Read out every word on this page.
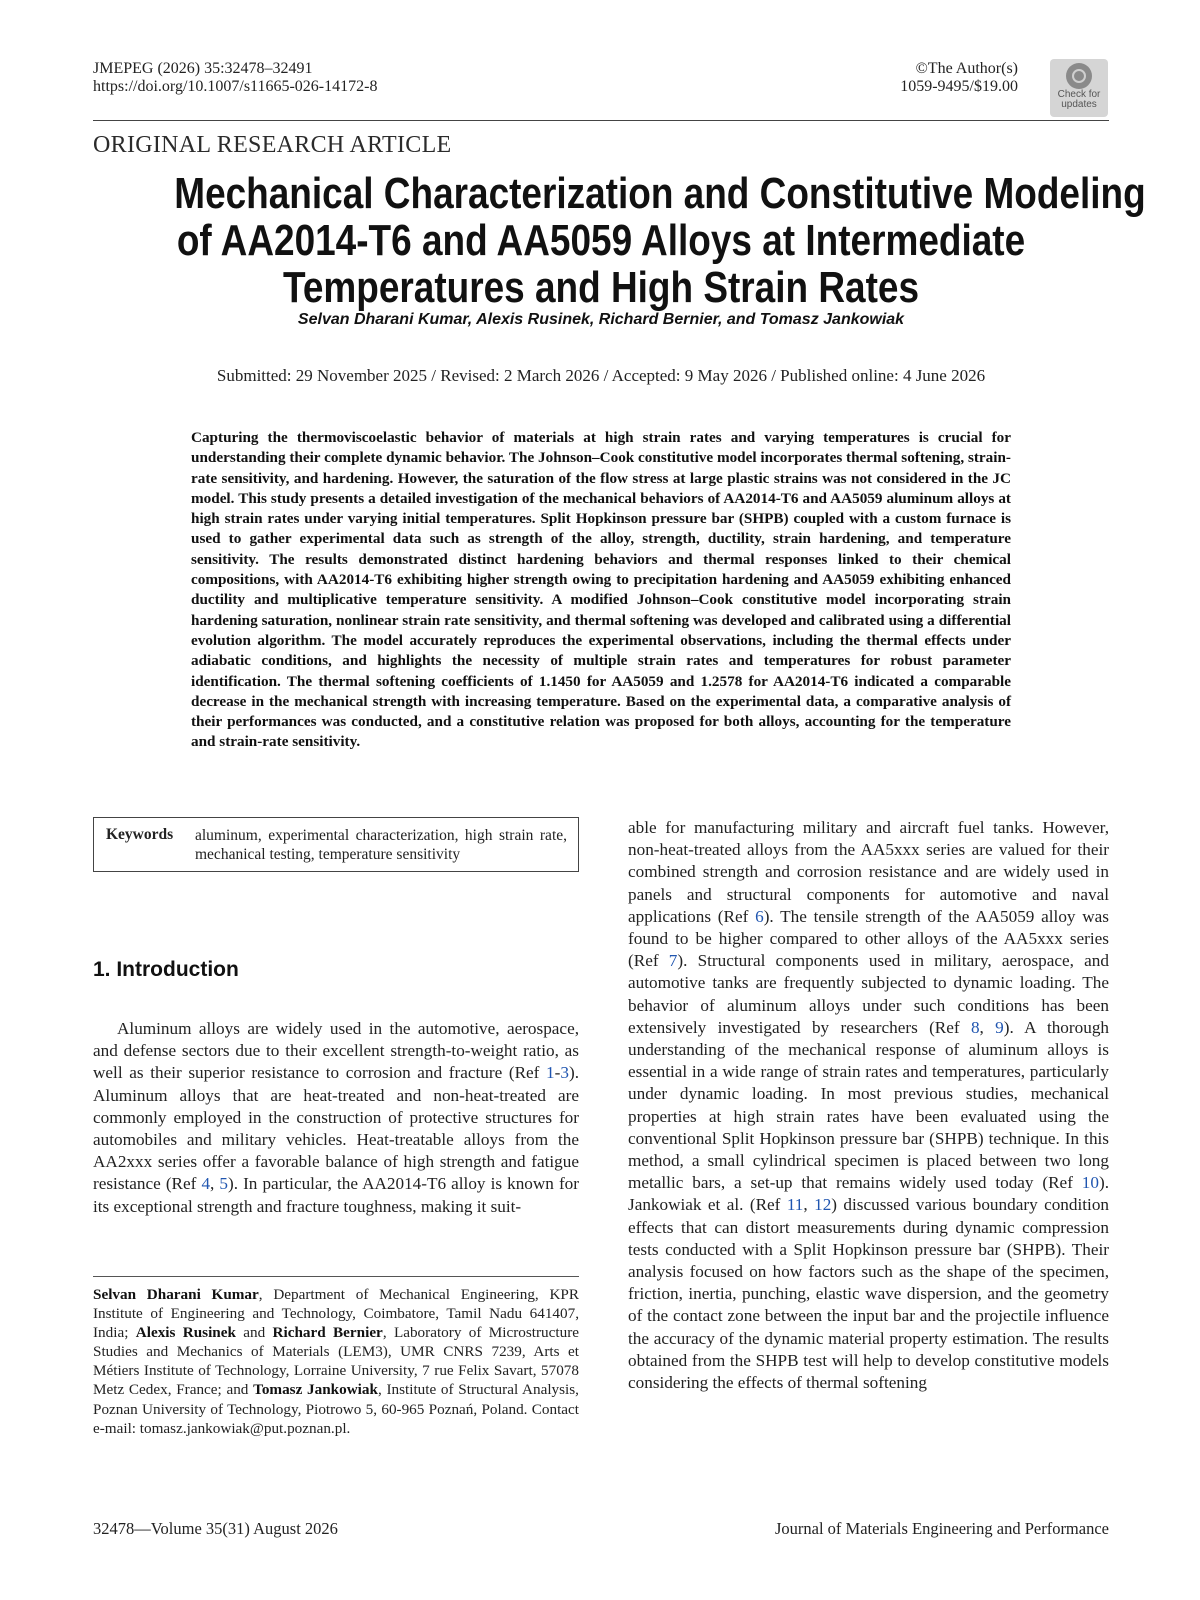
JMEPEG (2026) 35:32478–32491
https://doi.org/10.1007/s11665-026-14172-8
©The Author(s)
1059-9495/$19.00	Check for
updates
ORIGINAL RESEARCH ARTICLE
Mechanical Characterization and Constitutive Modeling
of AA2014-T6 and AA5059 Alloys at Intermediate
Temperatures and High Strain Rates
Selvan Dharani Kumar, Alexis Rusinek, Richard Bernier, and Tomasz Jankowiak
Submitted: 29 November 2025 / Revised: 2 March 2026 / Accepted: 9 May 2026 / Published online: 4 June 2026
Capturing the thermoviscoelastic behavior of materials at high strain rates and varying temperatures is crucial for understanding their complete dynamic behavior. The Johnson–Cook constitutive model incorporates thermal softening, strain-rate sensitivity, and hardening. However, the saturation of the flow stress at large plastic strains was not considered in the JC model. This study presents a detailed investigation of the mechanical behaviors of AA2014-T6 and AA5059 aluminum alloys at high strain rates under varying initial temperatures. Split Hopkinson pressure bar (SHPB) coupled with a custom furnace is used to gather experimental data such as strength of the alloy, strength, ductility, strain hardening, and temperature sensitivity. The results demonstrated distinct hardening behaviors and thermal responses linked to their chemical compositions, with AA2014-T6 exhibiting higher strength owing to precipitation hardening and AA5059 exhibiting enhanced ductility and multiplicative temperature sensitivity. A modified Johnson–Cook constitutive model incorporating strain hardening saturation, nonlinear strain rate sensitivity, and thermal softening was developed and calibrated using a differential evolution algorithm. The model accurately reproduces the experimental observations, including the thermal effects under adiabatic conditions, and highlights the necessity of multiple strain rates and temperatures for robust parameter identification. The thermal softening coefficients of 1.1450 for AA5059 and 1.2578 for AA2014-T6 indicated a comparable decrease in the mechanical strength with increasing temperature. Based on the experimental data, a comparative analysis of their performances was conducted, and a constitutive relation was proposed for both alloys, accounting for the temperature and strain-rate sensitivity.
Keywords aluminum, experimental characterization, high strain rate, mechanical testing, temperature sensitivity
1. Introduction

Aluminum alloys are widely used in the automotive, aerospace, and defense sectors due to their excellent strength-to-weight ratio, as well as their superior resistance to corrosion and fracture (Ref 1-3). Aluminum alloys that are heat-treated and non-heat-treated are commonly employed in the construction of protective structures for automobiles and military vehicles. Heat-treatable alloys from the AA2xxx series offer a favorable balance of high strength and fatigue resistance (Ref 4, 5). In particular, the AA2014-T6 alloy is known for its exceptional strength and fracture toughness, making it suit-

Selvan Dharani Kumar, Department of Mechanical Engineering, KPR Institute of Engineering and Technology, Coimbatore, Tamil Nadu 641407, India; Alexis Rusinek and Richard Bernier, Laboratory of Microstructure Studies and Mechanics of Materials (LEM3), UMR CNRS 7239, Arts et Métiers Institute of Technology, Lorraine University, 7 rue Felix Savart, 57078 Metz Cedex, France; and Tomasz Jankowiak, Institute of Structural Analysis, Poznan University of Technology, Piotrowo 5, 60-965 Poznań, Poland. Contact e-mail: tomasz.jankowiak@put.poznan.pl.

able for manufacturing military and aircraft fuel tanks. However, non-heat-treated alloys from the AA5xxx series are valued for their combined strength and corrosion resistance and are widely used in panels and structural components for automotive and naval applications (Ref 6). The tensile strength of the AA5059 alloy was found to be higher compared to other alloys of the AA5xxx series (Ref 7). Structural components used in military, aerospace, and automotive tanks are frequently subjected to dynamic loading. The behavior of aluminum alloys under such conditions has been extensively investigated by researchers (Ref 8, 9). A thorough understanding of the mechanical response of aluminum alloys is essential in a wide range of strain rates and temperatures, particularly under dynamic loading. In most previous studies, mechanical properties at high strain rates have been evaluated using the conventional Split Hopkinson pressure bar (SHPB) technique. In this method, a small cylindrical specimen is placed between two long metallic bars, a set-up that remains widely used today (Ref 10). Jankowiak et al. (Ref 11, 12) discussed various boundary condition effects that can distort measurements during dynamic compression tests conducted with a Split Hopkinson pressure bar (SHPB). Their analysis focused on how factors such as the shape of the specimen, friction, inertia, punching, elastic wave dispersion, and the geometry of the contact zone between the input bar and the projectile influence the accuracy of the dynamic material property estimation. The results obtained from the SHPB test will help to develop constitutive models considering the effects of thermal softening

32478—Volume 35(31) August 2026	Journal of Materials Engineering and Performance
